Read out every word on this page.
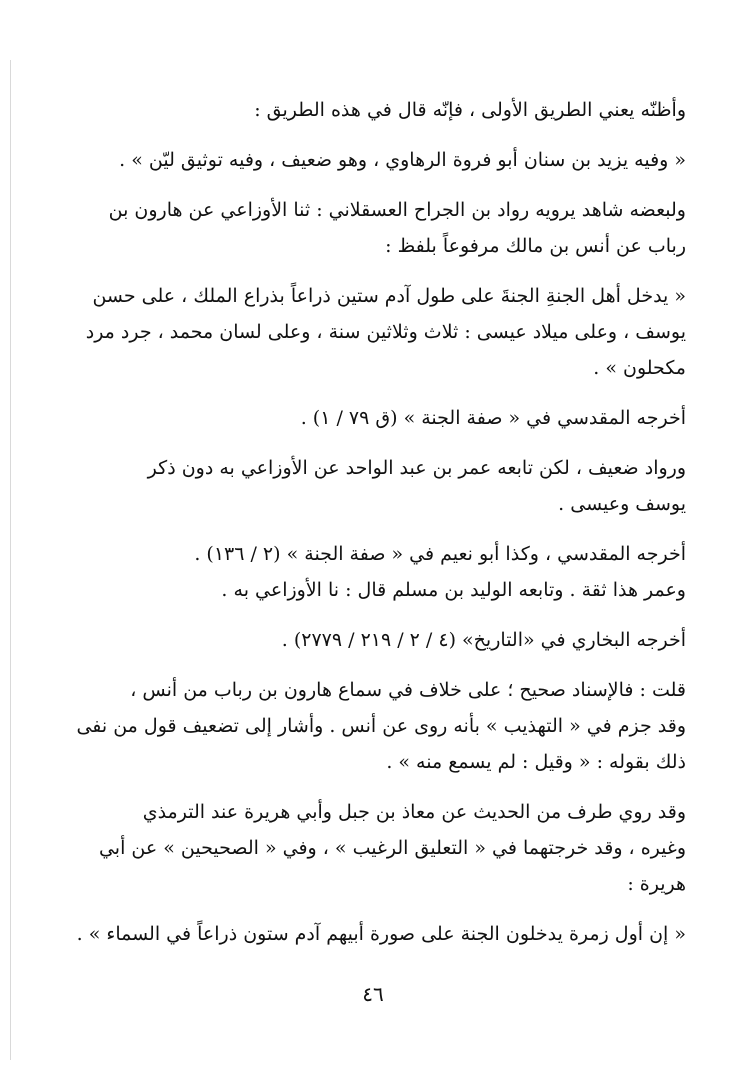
وأظنّه يعني الطريق الأولى ، فإنّه قال في هذه الطريق :
« وفيه يزيد بن سنان أبو فروة الرهاوي ، وهو ضعيف ، وفيه توثيق ليّن » .
ولبعضه شاهد يرويه رواد بن الجراح العسقلاني : ثنا الأوزاعي عن هارون بن
رباب عن أنس بن مالك مرفوعاً بلفظ :
« يدخل أهل الجنةِ الجنةَ على طول آدم ستين ذراعاً بذراع الملك ، على حسن
يوسف ، وعلى ميلاد عيسى : ثلاث وثلاثين سنة ، وعلى لسان محمد ، جرد مرد
مكحلون » .
أخرجه المقدسي في « صفة الجنة » (ق ٧٩ / ١) .
ورواد ضعيف ، لكن تابعه عمر بن عبد الواحد عن الأوزاعي به دون ذكر
يوسف وعيسى .
أخرجه المقدسي ، وكذا أبو نعيم في « صفة الجنة » (٢ / ١٣٦) .
وعمر هذا ثقة . وتابعه الوليد بن مسلم قال : نا الأوزاعي به .
أخرجه البخاري في «التاريخ» (٤ / ٢ / ٢١٩ / ٢٧٧٩) .
قلت : فالإسناد صحيح ؛ على خلاف في سماع هارون بن رباب من أنس ،
وقد جزم في « التهذيب » بأنه روى عن أنس . وأشار إلى تضعيف قول من نفى
ذلك بقوله : « وقيل : لم يسمع منه » .
وقد روي طرف من الحديث عن معاذ بن جبل وأبي هريرة عند الترمذي
وغيره ، وقد خرجتهما في « التعليق الرغيب » ، وفي « الصحيحين » عن أبي
هريرة :
« إن أول زمرة يدخلون الجنة على صورة أبيهم آدم ستون ذراعاً في السماء » .
٤٦
